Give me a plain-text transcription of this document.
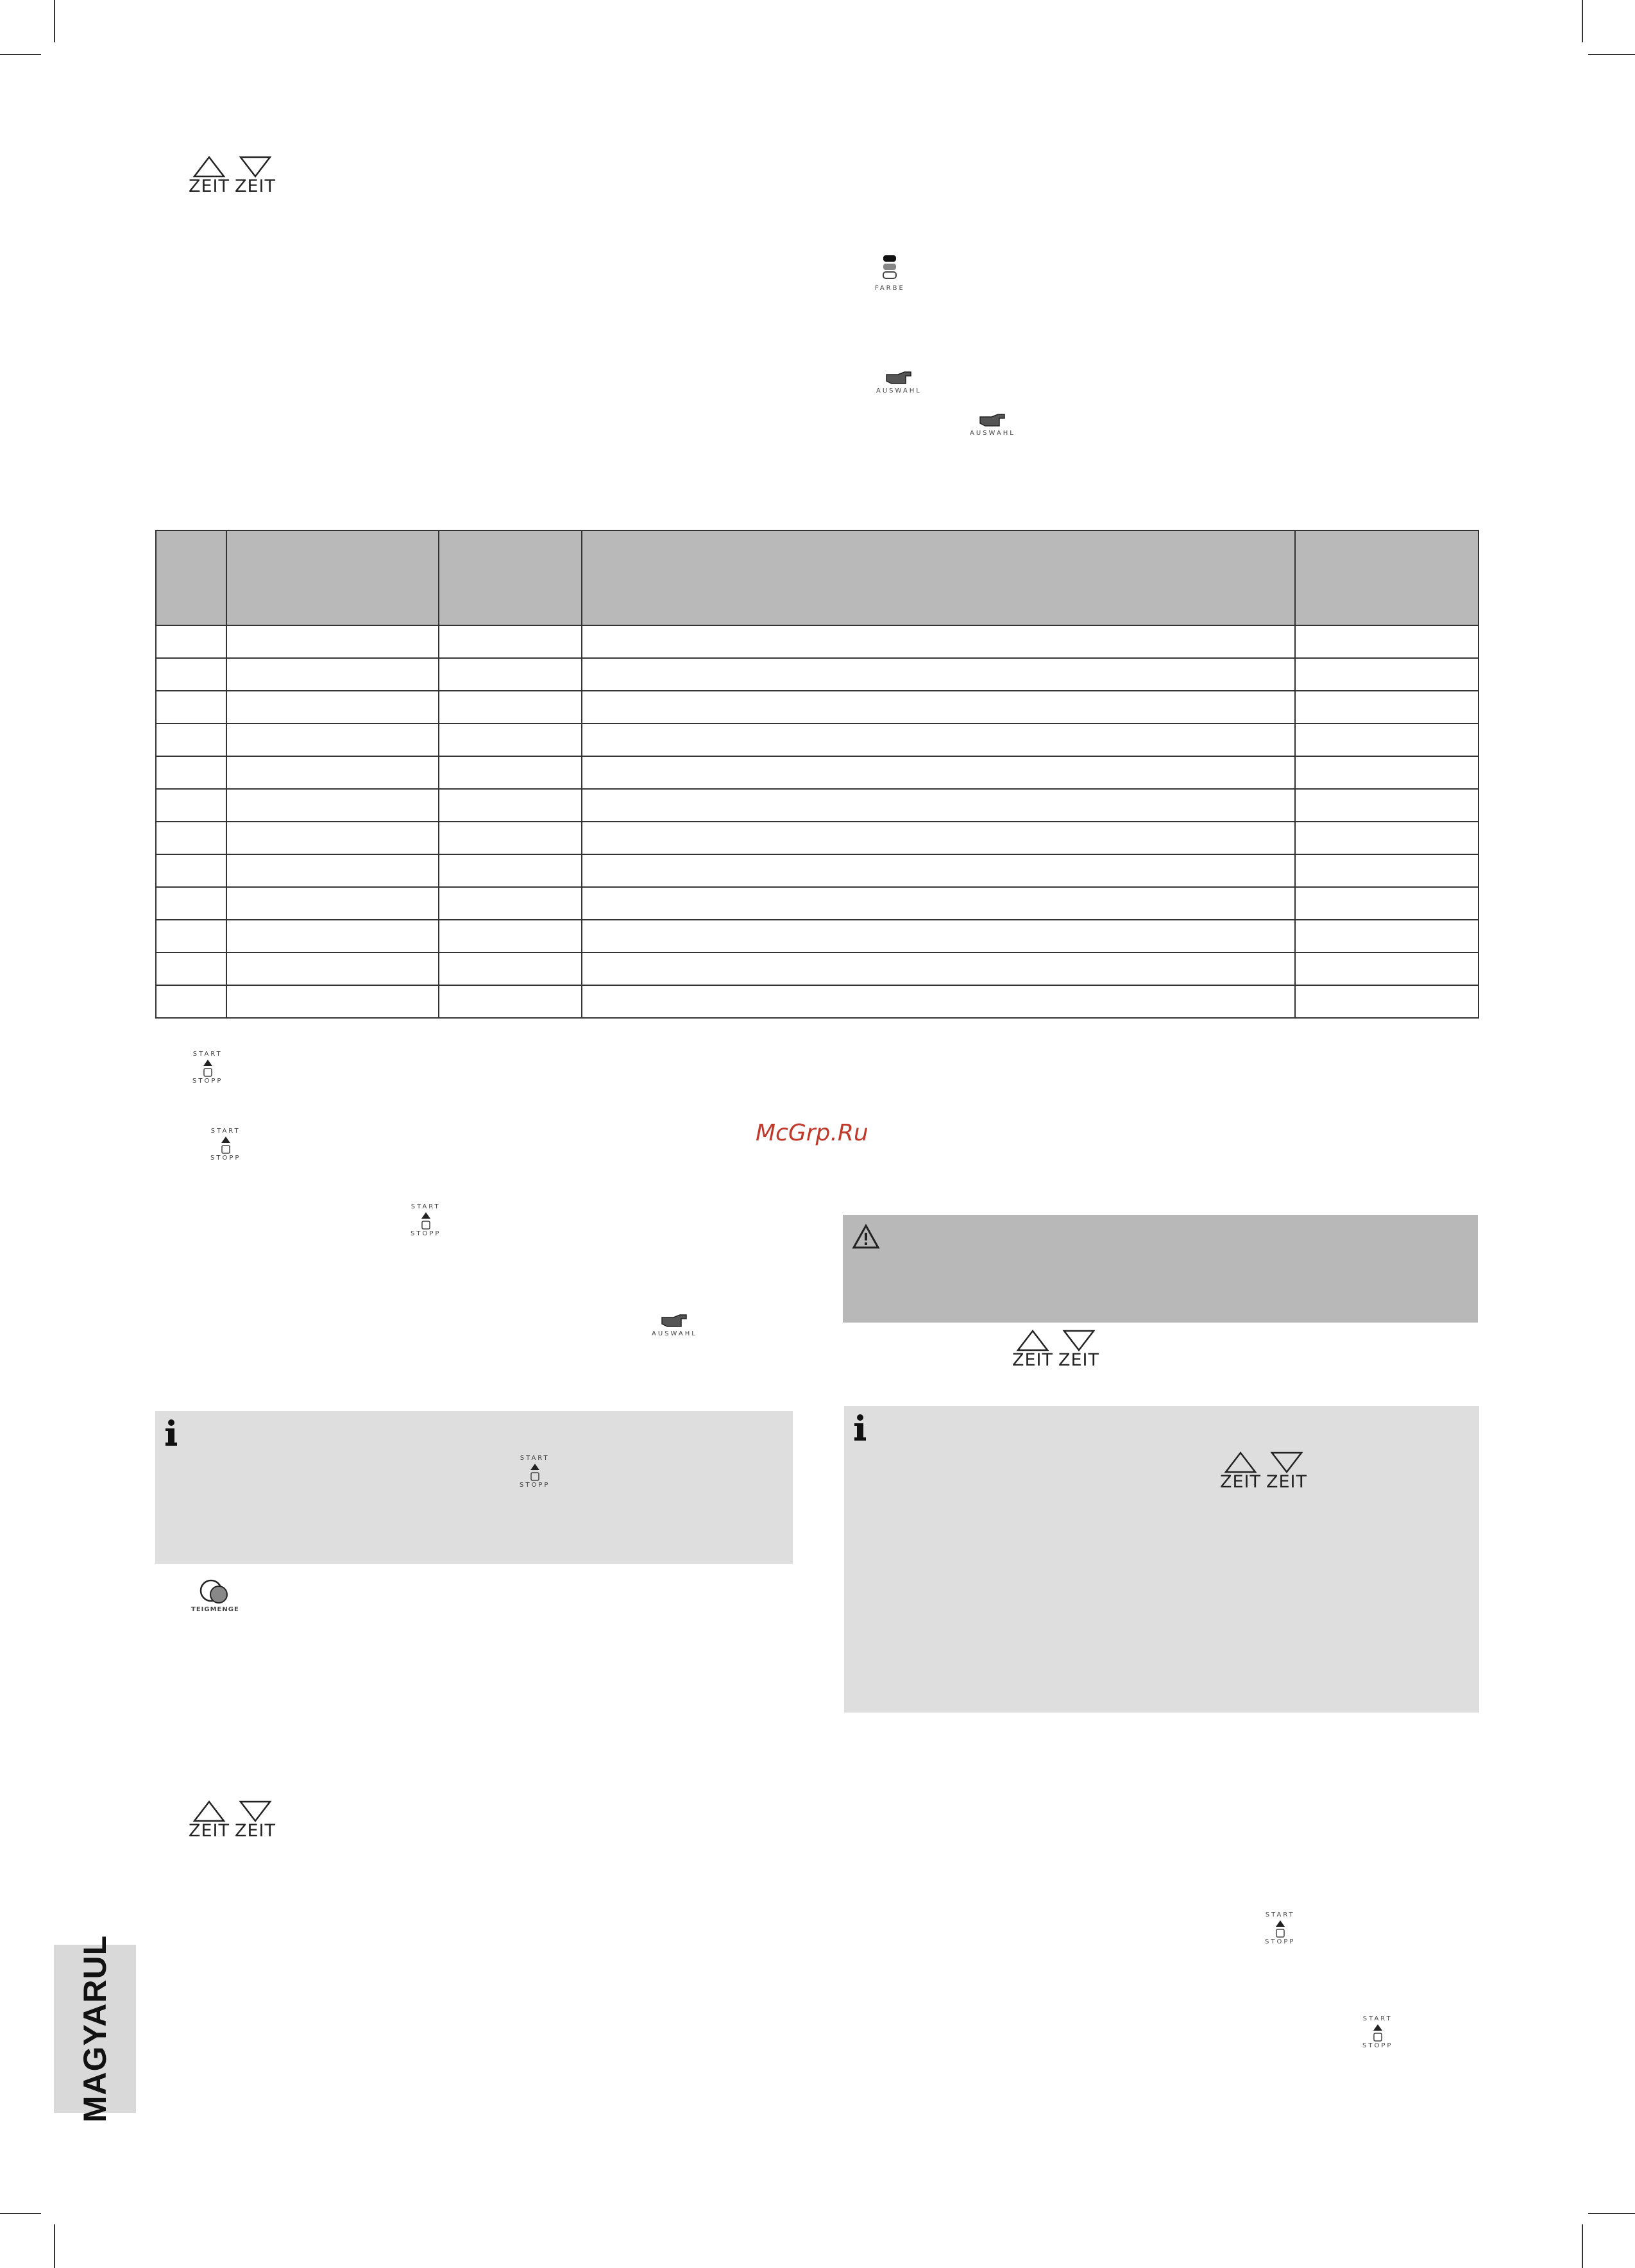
ZEIT ZEIT
FARBE
AUSWAHL
AUSWAHL

START
STOPP
START
STOPP
START
STOPP
McGrp.Ru
AUSWAHL
ZEIT ZEIT
START
STOPP	ZEIT ZEIT
TEIGMENGE
ZEIT ZEIT
START
STOPP
START
STOPP
MAGYARUL
